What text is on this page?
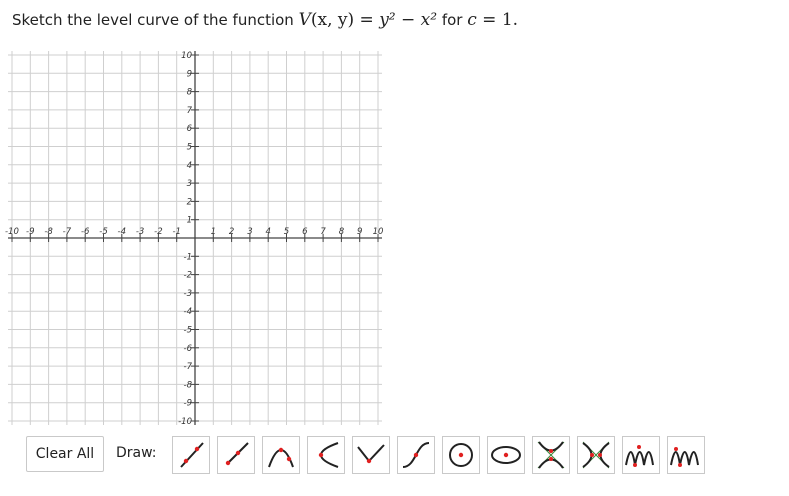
Sketch the level curve of the function V(x, y) = y² − x² for c = 1.
-10 -9 -8 -7 -6 -5 -4 -3 -2 -1	1 2 3 4 5 6 7 8 9 10
10
9
8
7
6
5
4
3
2
1
-1
-2
-3
-4
-5
-6
-7
-8
-9
-10
Clear All	Draw:
